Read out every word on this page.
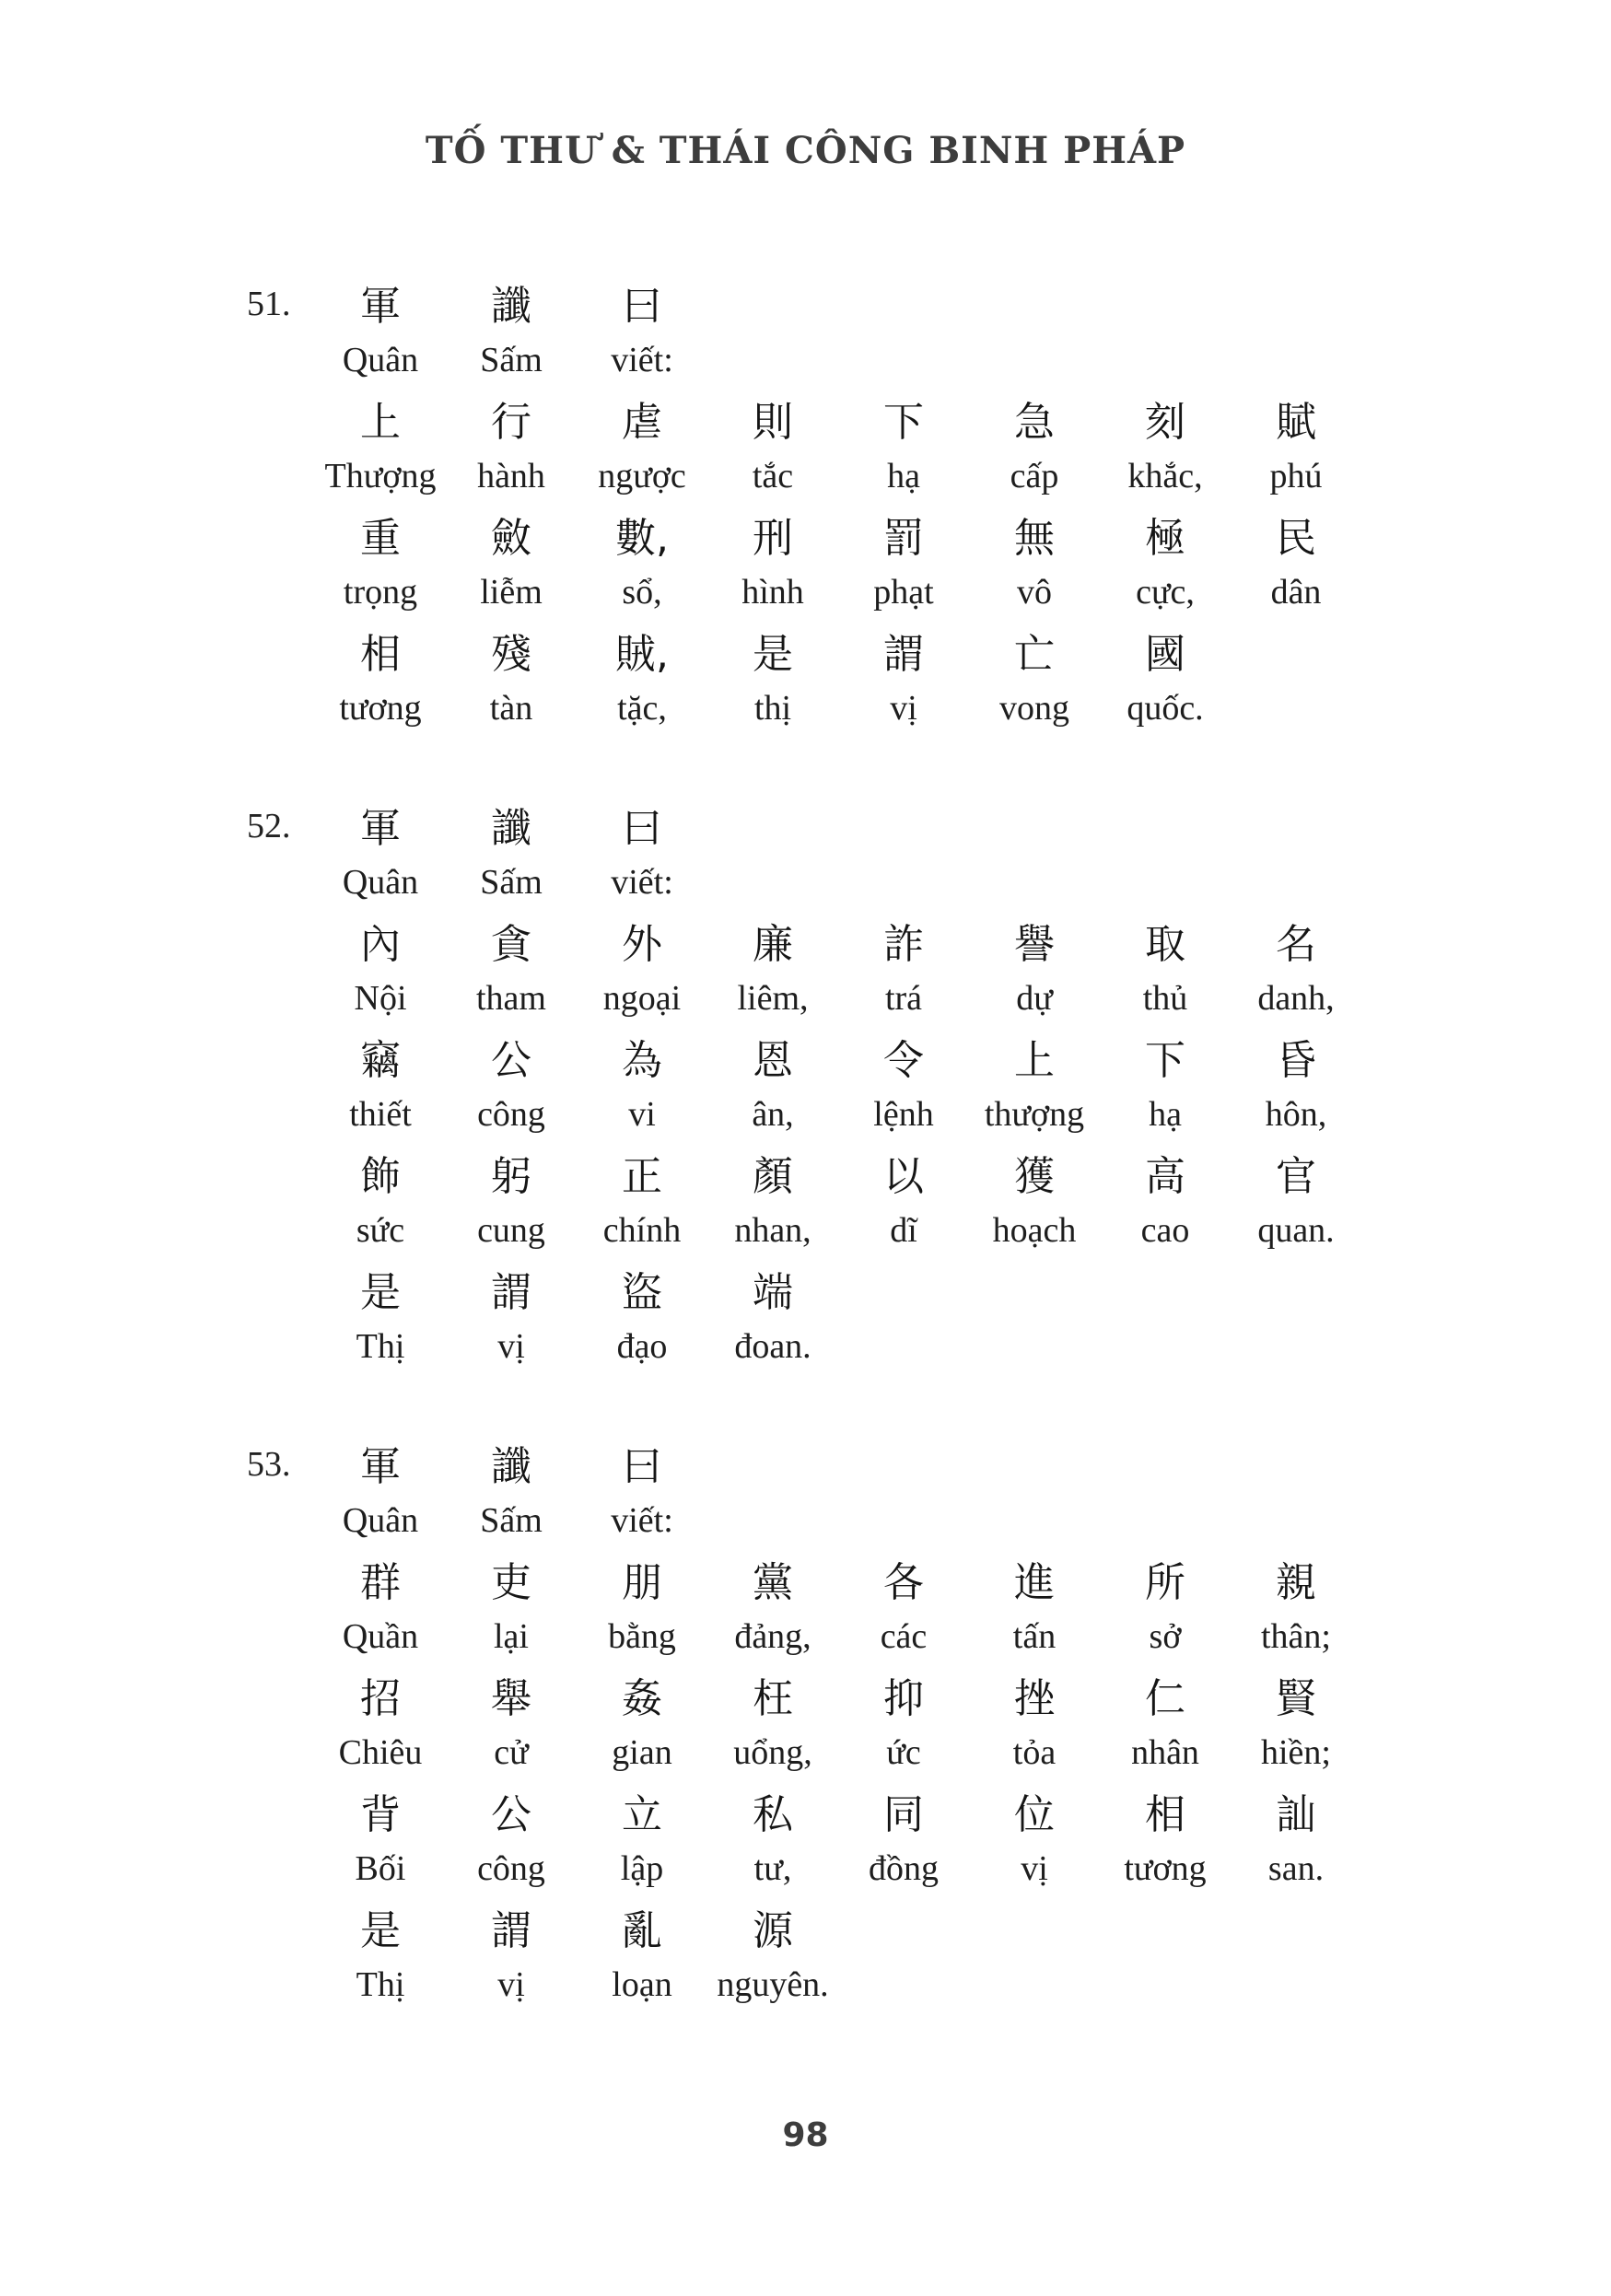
TỐ THƯ & THÁI CÔNG BINH PHÁP
51.	軍	讖	曰
Quân	Sấm	viết:
上	行	虐	則	下	急	刻	賦
Thượng	hành	ngược	tắc	hạ	cấp	khắc,	phú
重	斂	數,	刑	罰	無	極	民
trọng	liễm	sổ,	hình	phạt	vô	cực,	dân
相	殘	賊,	是	謂	亡	國
tương	tàn	tặc,	thị	vị	vong	quốc.
52.	軍	讖	曰
Quân	Sấm	viết:
內	貪	外	廉	詐	譽	取	名
Nội	tham	ngoại	liêm,	trá	dự	thủ	danh,
竊	公	為	恩	令	上	下	昏
thiết	công	vi	ân,	lệnh	thượng	hạ	hôn,
飾	躬	正	顏	以	獲	高	官
sức	cung	chính	nhan,	dĩ	hoạch	cao	quan.
是	謂	盜	端
Thị	vị	đạo	đoan.
53.	軍	讖	曰
Quân	Sấm	viết:
群	吏	朋	黨	各	進	所	親
Quần	lại	bằng	đảng,	các	tấn	sở	thân;
招	舉	姦	枉	抑	挫	仁	賢
Chiêu	cử	gian	uổng,	ức	tỏa	nhân	hiền;
背	公	立	私	同	位	相	訕
Bối	công	lập	tư,	đồng	vị	tương	san.
是	謂	亂	源
Thị	vị	loạn	nguyên.
98
